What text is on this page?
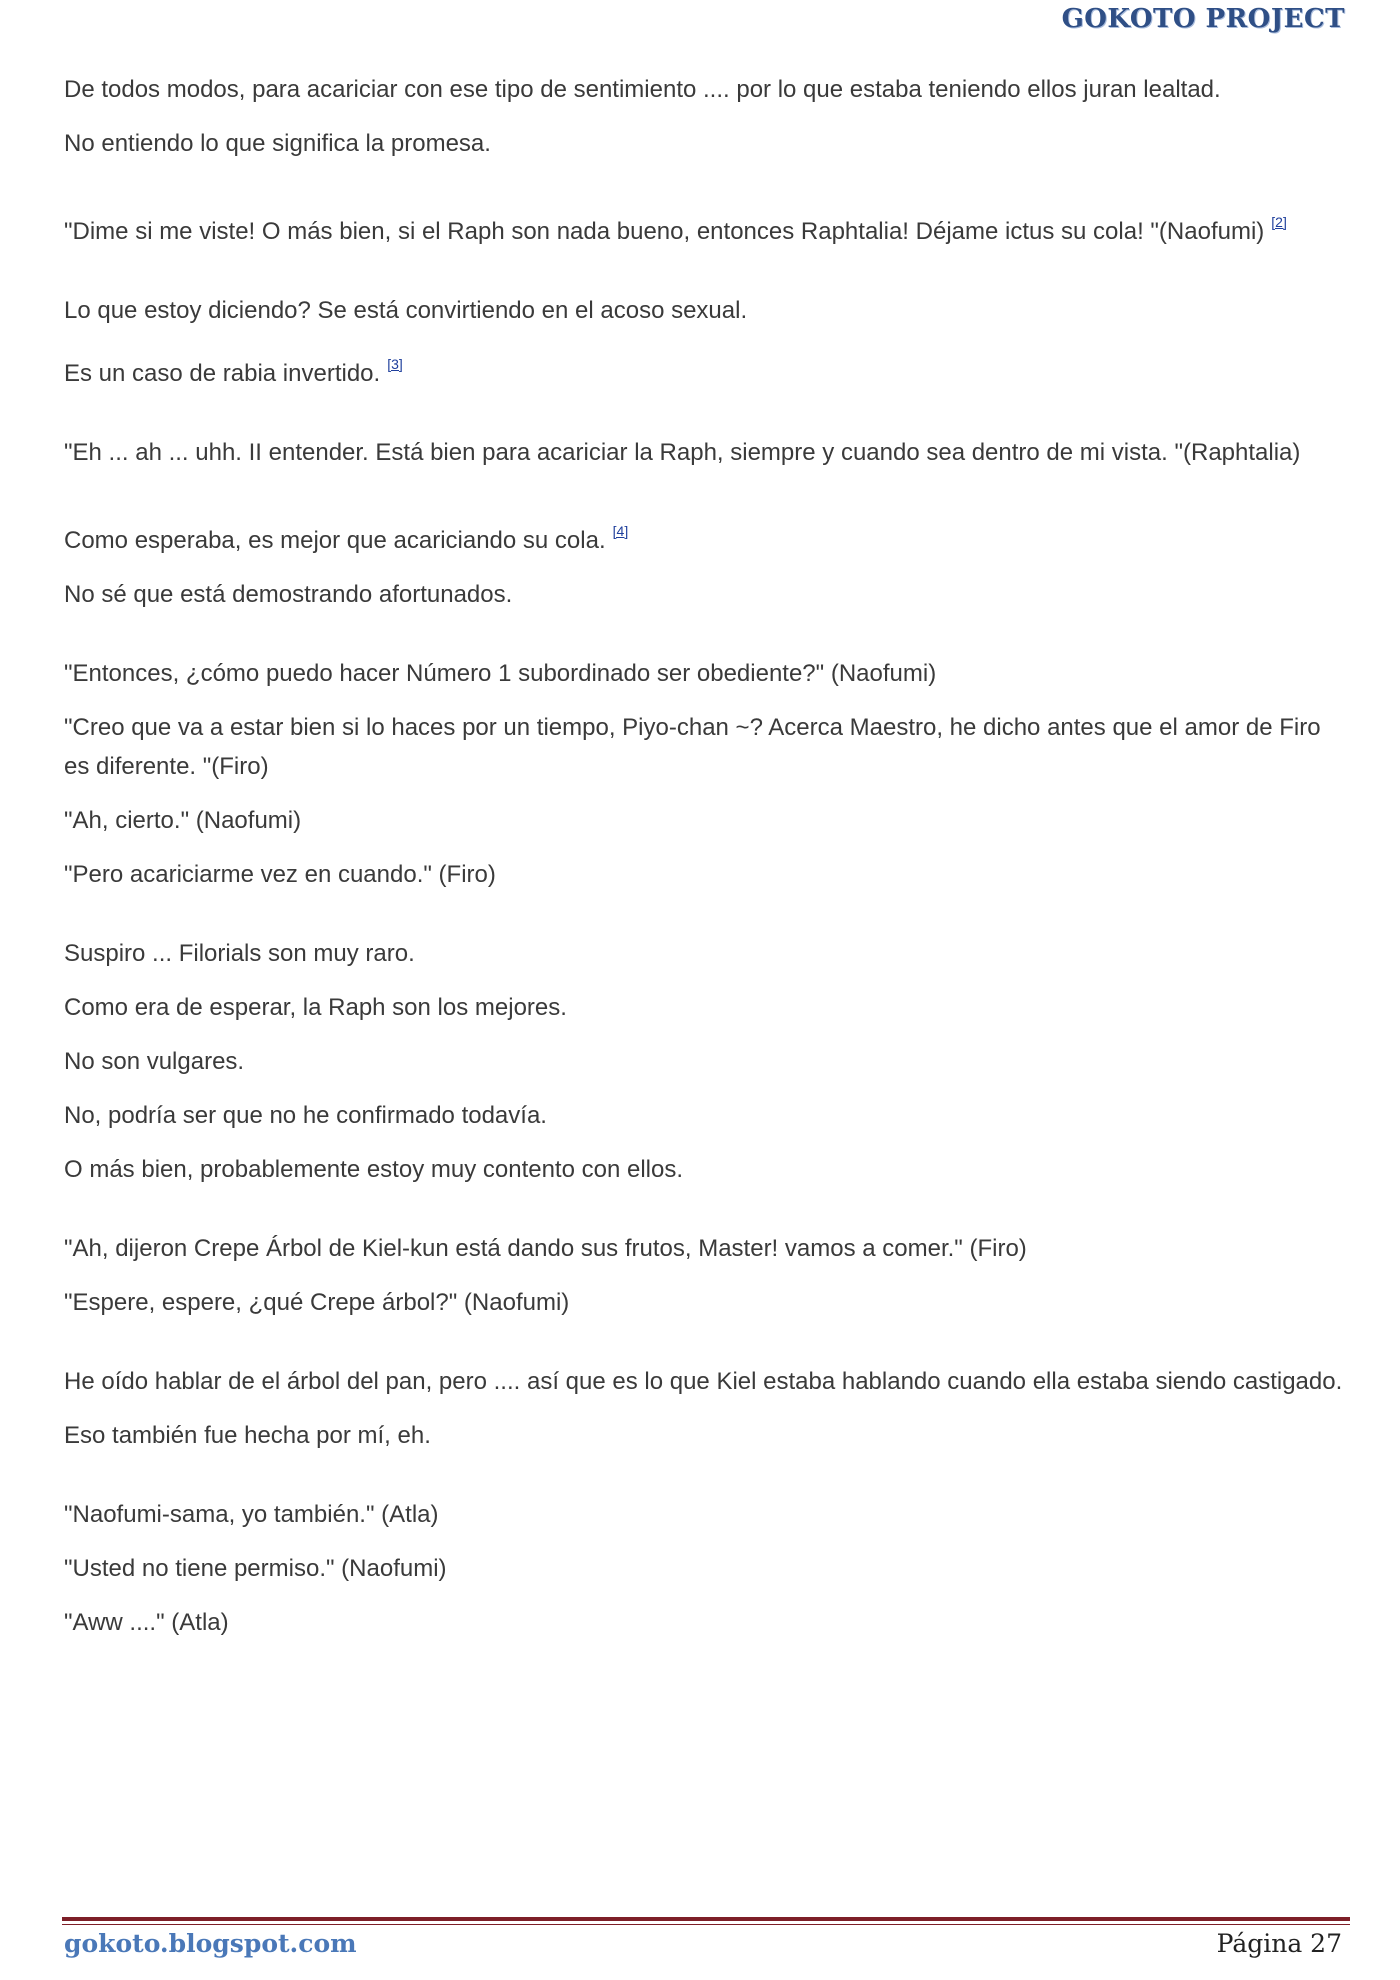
GOKOTO PROJECT

De todos modos, para acariciar con ese tipo de sentimiento .... por lo que estaba teniendo ellos juran lealtad.

No entiendo lo que significa la promesa.

"Dime si me viste! O más bien, si el Raph son nada bueno, entonces Raphtalia! Déjame ictus su cola! "(Naofumi) [2]

Lo que estoy diciendo? Se está convirtiendo en el acoso sexual.

Es un caso de rabia invertido. [3]

"Eh ... ah ... uhh. II entender. Está bien para acariciar la Raph, siempre y cuando sea dentro de mi vista. "(Raphtalia)

Como esperaba, es mejor que acariciando su cola. [4]

No sé que está demostrando afortunados.

"Entonces, ¿cómo puedo hacer Número 1 subordinado ser obediente?" (Naofumi)

"Creo que va a estar bien si lo haces por un tiempo, Piyo-chan ~? Acerca Maestro, he dicho antes que el amor de Firo es diferente. "(Firo)

"Ah, cierto." (Naofumi)

"Pero acariciarme vez en cuando." (Firo)

Suspiro ... Filorials son muy raro.

Como era de esperar, la Raph son los mejores.

No son vulgares.

No, podría ser que no he confirmado todavía.

O más bien, probablemente estoy muy contento con ellos.

"Ah, dijeron Crepe Árbol de Kiel-kun está dando sus frutos, Master! vamos a comer." (Firo)

"Espere, espere, ¿qué Crepe árbol?" (Naofumi)

He oído hablar de el árbol del pan, pero .... así que es lo que Kiel estaba hablando cuando ella estaba siendo castigado.

Eso también fue hecha por mí, eh.

"Naofumi-sama, yo también." (Atla)

"Usted no tiene permiso." (Naofumi)

"Aww ...." (Atla)

gokoto.blogspot.com	Página 27
